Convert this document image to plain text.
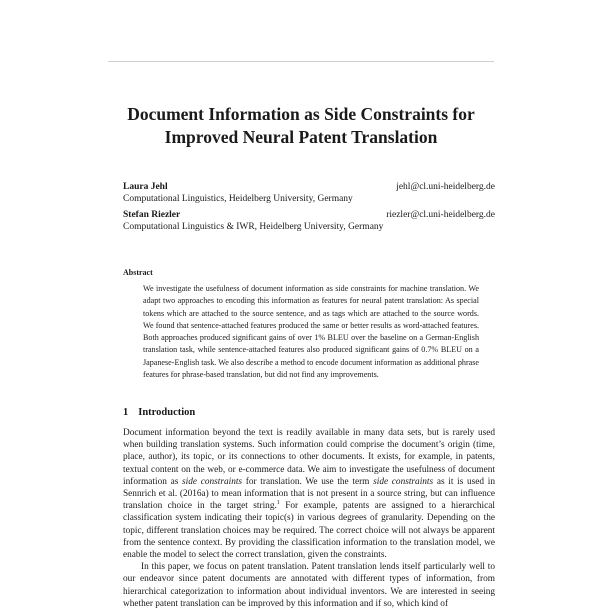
Document Information as Side Constraints for
Improved Neural Patent Translation
Laura Jehl	jehl@cl.uni-heidelberg.de
Computational Linguistics, Heidelberg University, Germany
Stefan Riezler	riezler@cl.uni-heidelberg.de
Computational Linguistics & IWR, Heidelberg University, Germany
Abstract
We investigate the usefulness of document information as side constraints for machine translation. We adapt two approaches to encoding this information as features for neural patent translation: As special tokens which are attached to the source sentence, and as tags which are attached to the source words. We found that sentence-attached features produced the same or better results as word-attached features. Both approaches produced significant gains of over 1% BLEU over the baseline on a German-English translation task, while sentence-attached features also produced significant gains of 0.7% BLEU on a Japanese-English task. We also describe a method to encode document information as additional phrase features for phrase-based translation, but did not find any improvements.
1 Introduction

Document information beyond the text is readily available in many data sets, but is rarely used when building translation systems. Such information could comprise the document’s origin (time, place, author), its topic, or its connections to other documents. It exists, for example, in patents, textual content on the web, or e-commerce data. We aim to investigate the usefulness of document information as side constraints for translation. We use the term side constraints as it is used in Sennrich et al. (2016a) to mean information that is not present in a source string, but can influence translation choice in the target string.$^1$ For example, patents are assigned to a hierarchical classification system indicating their topic(s) in various degrees of granularity. Depending on the topic, different translation choices may be required. The correct choice will not always be apparent from the sentence context. By providing the classification information to the translation model, we enable the model to select the correct translation, given the constraints.

In this paper, we focus on patent translation. Patent translation lends itself particularly well to our endeavor since patent documents are annotated with different types of information, from hierarchical categorization to information about individual inventors. We are interested in seeing whether patent translation can be improved by this information and if so, which kind of
